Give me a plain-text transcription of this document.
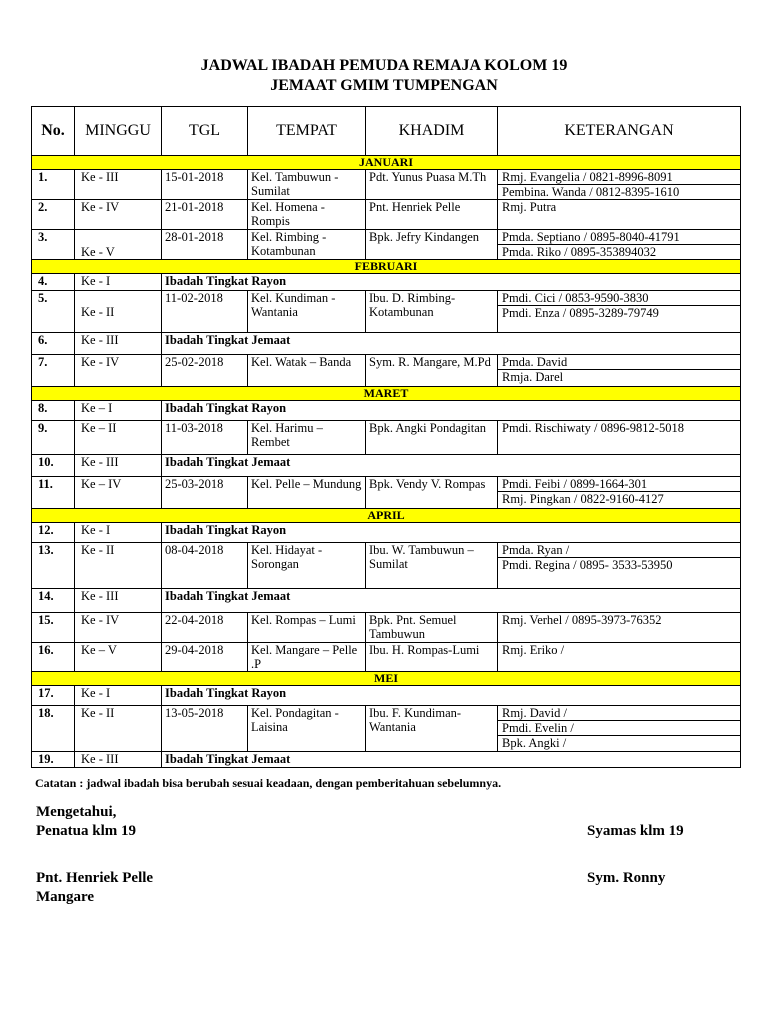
JADWAL IBADAH PEMUDA REMAJA KOLOM 19
JEMAAT GMIM TUMPENGAN
No.	MINGGU	TGL	TEMPAT	KHADIM	KETERANGAN
JANUARI					
1.	Ke - III	15-01-2018	Kel. Tambuwun - Sumilat	Pdt. Yunus Puasa M.Th	Rmj. Evangelia / 0821-8996-8091
Pembina. Wanda / 0812-8395-1610

2.	Ke - IV	21-01-2018	Kel. Homena - Rompis	Pnt. Henriek Pelle	Rmj. Putra

3.	Ke - V	28-01-2018	Kel. Rimbing - Kotambunan	Bpk. Jefry Kindangen	Pmda. Septiano / 0895-8040-41791
Pmda. Riko / 0895-353894032

FEBRUARI					
4.	Ke - I	Ibadah Tingkat Rayon			
5.	Ke - II	11-02-2018	Kel. Kundiman - Wantania	Ibu. D. Rimbing-Kotambunan	Pmdi. Cici / 0853-9590-3830
Pmdi. Enza / 0895-3289-79749

6.	Ke - III	Ibadah Tingkat Jemaat			
7.	Ke - IV	25-02-2018	Kel. Watak – Banda	Sym. R. Mangare, M.Pd	Pmda. David
Rmja. Darel

MARET					
8.	Ke – I	Ibadah Tingkat Rayon			
9.	Ke – II	11-03-2018	Kel. Harimu – Rembet	Bpk. Angki Pondagitan	Pmdi. Rischiwaty / 0896-9812-5018

10.	Ke - III	Ibadah Tingkat Jemaat			
11.	Ke – IV	25-03-2018	Kel. Pelle – Mundung	Bpk. Vendy V. Rompas	Pmdi. Feibi / 0899-1664-301
Rmj. Pingkan / 0822-9160-4127

APRIL					
12.	Ke - I	Ibadah Tingkat Rayon			
13.	Ke - II	08-04-2018	Kel. Hidayat - Sorongan	Ibu. W. Tambuwun – Sumilat	Pmda. Ryan /
Pmdi. Regina / 0895- 3533-53950

14.	Ke - III	Ibadah Tingkat Jemaat			
15.	Ke - IV	22-04-2018	Kel. Rompas – Lumi	Bpk. Pnt. Semuel Tambuwun	Rmj. Verhel / 0895-3973-76352

16.	Ke – V	29-04-2018	Kel. Mangare – Pelle .P	Ibu. H. Rompas-Lumi	Rmj. Eriko /

MEI					
17.	Ke - I	Ibadah Tingkat Rayon			
18.	Ke - II	13-05-2018	Kel. Pondagitan - Laisina	Ibu. F. Kundiman-Wantania	Rmj. David /
Pmdi. Evelin /
Bpk. Angki /

19.	Ke - III	Ibadah Tingkat Jemaat			
Catatan : jadwal ibadah bisa berubah sesuai keadaan, dengan pemberitahuan sebelumnya.
Mengetahui,
Penatua klm 19	Syamas klm 19
Pnt. Henriek Pelle
Mangare
Sym. Ronny
